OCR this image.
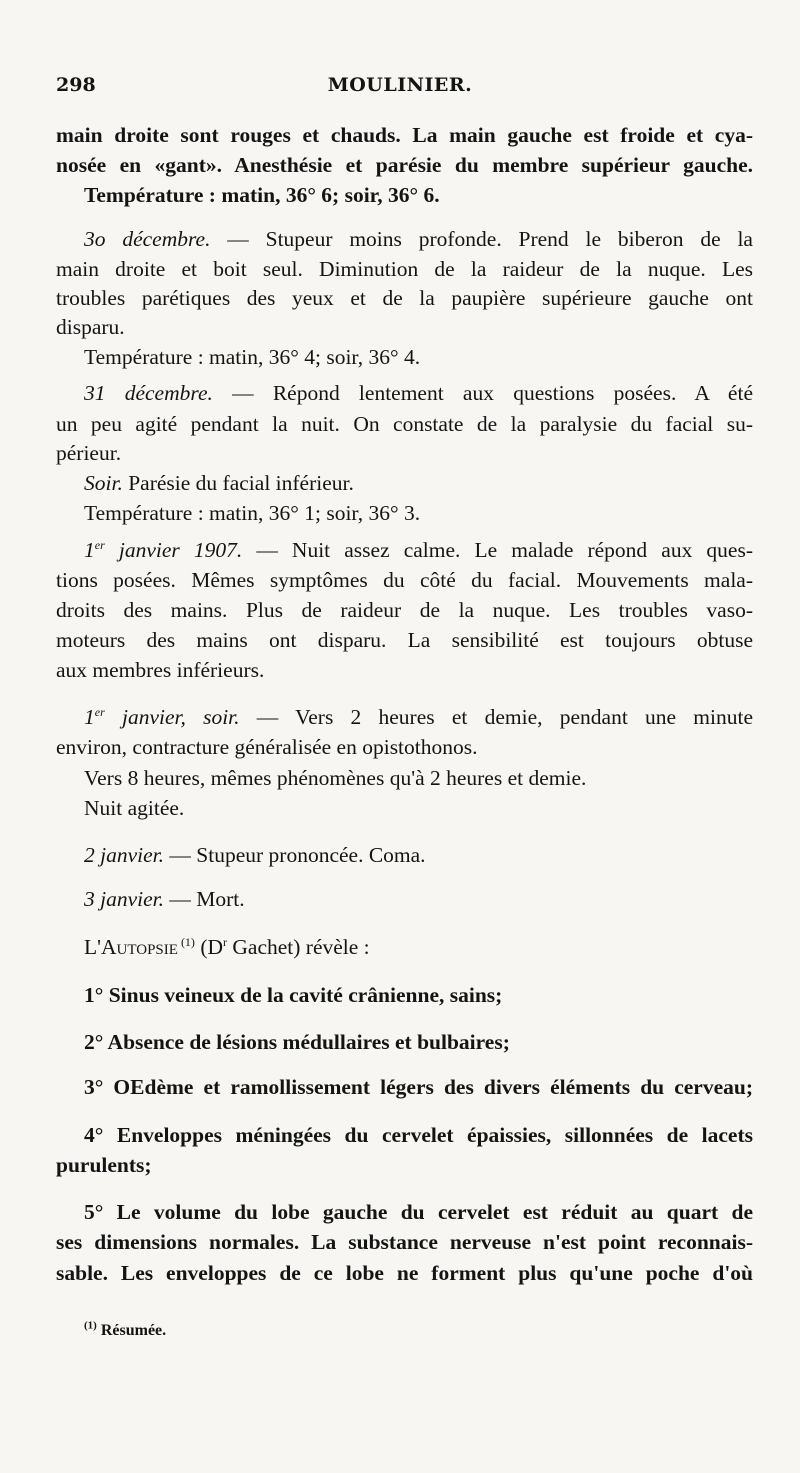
298	MOULINIER.
main droite sont rouges et chauds. La main gauche est froide et cya-
nosée en «gant». Anesthésie et parésie du membre supérieur gauche.
Température : matin, 36° 6; soir, 36° 6.
3o décembre. — Stupeur moins profonde. Prend le biberon de la
main droite et boit seul. Diminution de la raideur de la nuque. Les
troubles parétiques des yeux et de la paupière supérieure gauche ont
disparu.
Température : matin, 36° 4; soir, 36° 4.
31 décembre. — Répond lentement aux questions posées. A été
un peu agité pendant la nuit. On constate de la paralysie du facial su-
périeur.
Soir. Parésie du facial inférieur.
Température : matin, 36° 1; soir, 36° 3.
1er janvier 1907. — Nuit assez calme. Le malade répond aux ques-
tions posées. Mêmes symptômes du côté du facial. Mouvements mala-
droits des mains. Plus de raideur de la nuque. Les troubles vaso-
moteurs des mains ont disparu. La sensibilité est toujours obtuse
aux membres inférieurs.
1er janvier, soir. — Vers 2 heures et demie, pendant une minute
environ, contracture généralisée en opistothonos.
Vers 8 heures, mêmes phénomènes qu'à 2 heures et demie.
Nuit agitée.
2 janvier. — Stupeur prononcée. Coma.
3 janvier. — Mort.
L'Autopsie $^{(1)}$ ($D^r$ Gachet) révèle :
1° Sinus veineux de la cavité crânienne, sains;
2° Absence de lésions médullaires et bulbaires;
3° OEdème et ramollissement légers des divers éléments du cerveau;
4° Enveloppes méningées du cervelet épaissies, sillonnées de lacets
purulents;
5° Le volume du lobe gauche du cervelet est réduit au quart de
ses dimensions normales. La substance nerveuse n'est point reconnais-
sable. Les enveloppes de ce lobe ne forment plus qu'une poche d'où
$^{(1)}$ Résumée.
